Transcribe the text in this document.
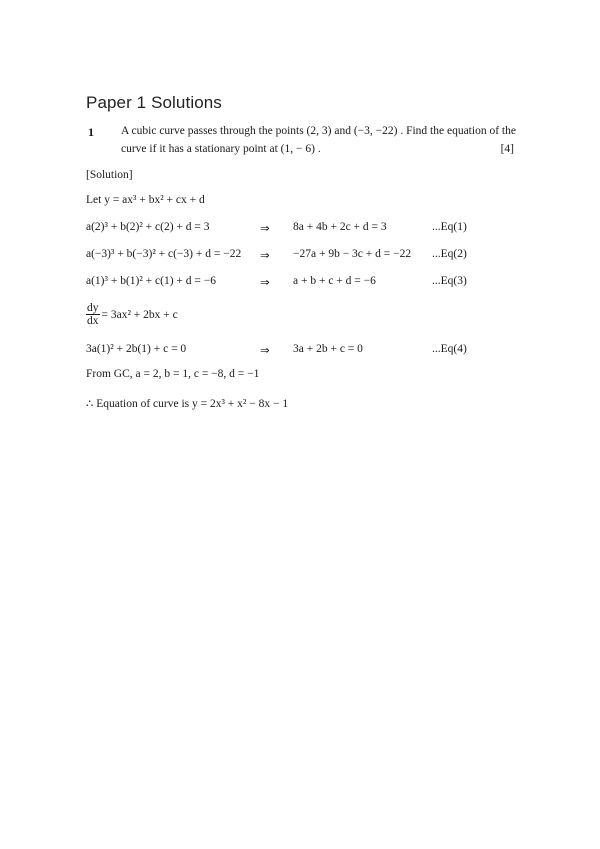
Paper 1 Solutions
1 A cubic curve passes through the points (2, 3) and (−3, −22) . Find the equation of the
curve if it has a stationary point at (1, − 6) .	[4]
[Solution]
Let y = ax³ + bx² + cx + d
a(2)³ + b(2)² + c(2) + d = 3	⇒ 8a + 4b + 2c + d = 3	...Eq(1)
a(−3)³ + b(−3)² + c(−3) + d = −22 ⇒ −27a + 9b − 3c + d = −22 ...Eq(2)
a(1)³ + b(1)² + c(1) + d = −6	⇒ a + b + c + d = −6	...Eq(3)
$\frac{dy}{dx} = 3ax^2 + 2bx + c$
3a(1)² + 2b(1) + c = 0	⇒ 3a + 2b + c = 0	...Eq(4)
From GC, a = 2, b = 1, c = −8, d = −1
∴ Equation of curve is y = 2x³ + x² − 8x − 1
